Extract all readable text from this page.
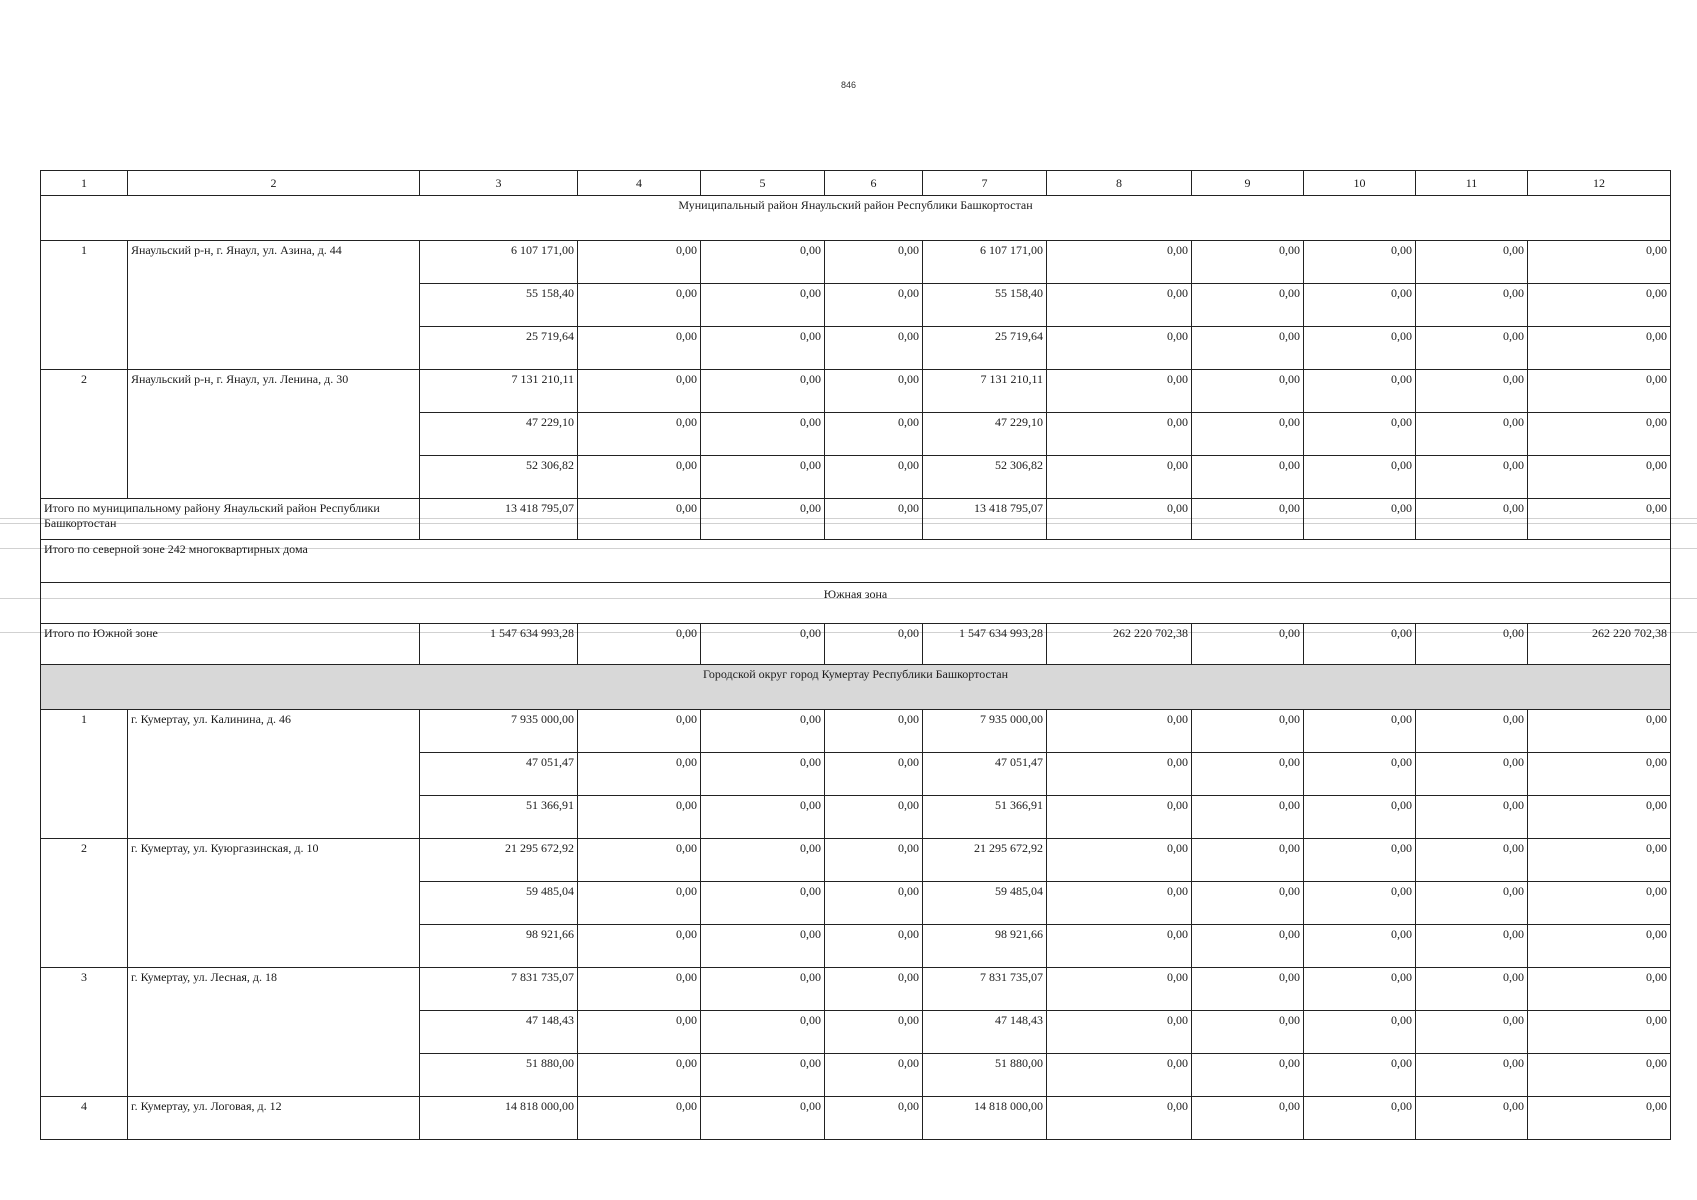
846
1	2	3	4	5	6	7	8	9	10	11	12
Муниципальный район Янаульский район Республики Башкортостан											
1	Янаульский р-н, г. Янаул, ул. Азина, д. 44	6 107 171,00	0,00	0,00	0,00	6 107 171,00	0,00	0,00	0,00	0,00	0,00
		55 158,40	0,00	0,00	0,00	55 158,40	0,00	0,00	0,00	0,00	0,00
		25 719,64	0,00	0,00	0,00	25 719,64	0,00	0,00	0,00	0,00	0,00
2	Янаульский р-н, г. Янаул, ул. Ленина, д. 30	7 131 210,11	0,00	0,00	0,00	7 131 210,11	0,00	0,00	0,00	0,00	0,00
		47 229,10	0,00	0,00	0,00	47 229,10	0,00	0,00	0,00	0,00	0,00
		52 306,82	0,00	0,00	0,00	52 306,82	0,00	0,00	0,00	0,00	0,00
Итого по муниципальному району Янаульский район Республики Башкортостан		13 418 795,07	0,00	0,00	0,00	13 418 795,07	0,00	0,00	0,00	0,00	0,00
Итого по северной зоне 242 многоквартирных дома											
Южная зона											
Итого по Южной зоне		1 547 634 993,28	0,00	0,00	0,00	1 547 634 993,28	262 220 702,38	0,00	0,00	0,00	262 220 702,38
Городской округ город Кумертау Республики Башкортостан											
1	г. Кумертау, ул. Калинина, д. 46	7 935 000,00	0,00	0,00	0,00	7 935 000,00	0,00	0,00	0,00	0,00	0,00
		47 051,47	0,00	0,00	0,00	47 051,47	0,00	0,00	0,00	0,00	0,00
		51 366,91	0,00	0,00	0,00	51 366,91	0,00	0,00	0,00	0,00	0,00
2	г. Кумертау, ул. Куюргазинская, д. 10	21 295 672,92	0,00	0,00	0,00	21 295 672,92	0,00	0,00	0,00	0,00	0,00
		59 485,04	0,00	0,00	0,00	59 485,04	0,00	0,00	0,00	0,00	0,00
		98 921,66	0,00	0,00	0,00	98 921,66	0,00	0,00	0,00	0,00	0,00
3	г. Кумертау, ул. Лесная, д. 18	7 831 735,07	0,00	0,00	0,00	7 831 735,07	0,00	0,00	0,00	0,00	0,00
		47 148,43	0,00	0,00	0,00	47 148,43	0,00	0,00	0,00	0,00	0,00
		51 880,00	0,00	0,00	0,00	51 880,00	0,00	0,00	0,00	0,00	0,00
4	г. Кумертау, ул. Логовая, д. 12	14 818 000,00	0,00	0,00	0,00	14 818 000,00	0,00	0,00	0,00	0,00	0,00
